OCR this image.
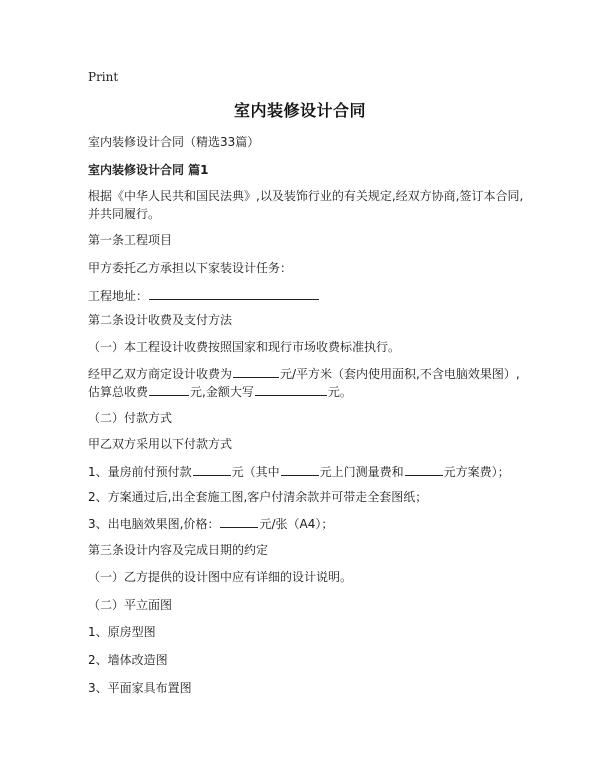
Print
室内装修设计合同
室内装修设计合同（精选33篇）
室内装修设计合同 篇1
根据《中华人民共和国民法典》,以及装饰行业的有关规定,经双方协商,签订本合同,
并共同履行。
第一条工程项目
甲方委托乙方承担以下家装设计任务：
工程地址：
第二条设计收费及支付方法
（一）本工程设计收费按照国家和现行市场收费标准执行。
经甲乙双方商定设计收费为	元/平方米（套内使用面积,不含电脑效果图）,
估算总收费	元,金额大写	元。
（二）付款方式
甲乙双方采用以下付款方式
1、量房前付预付款	元（其中	元上门测量费和	元方案费）；
2、方案通过后,出全套施工图,客户付清余款并可带走全套图纸；
3、出电脑效果图,价格：	元/张（A4）；
第三条设计内容及完成日期的约定
（一）乙方提供的设计图中应有详细的设计说明。
（二）平立面图
1、原房型图
2、墙体改造图
3、平面家具布置图
